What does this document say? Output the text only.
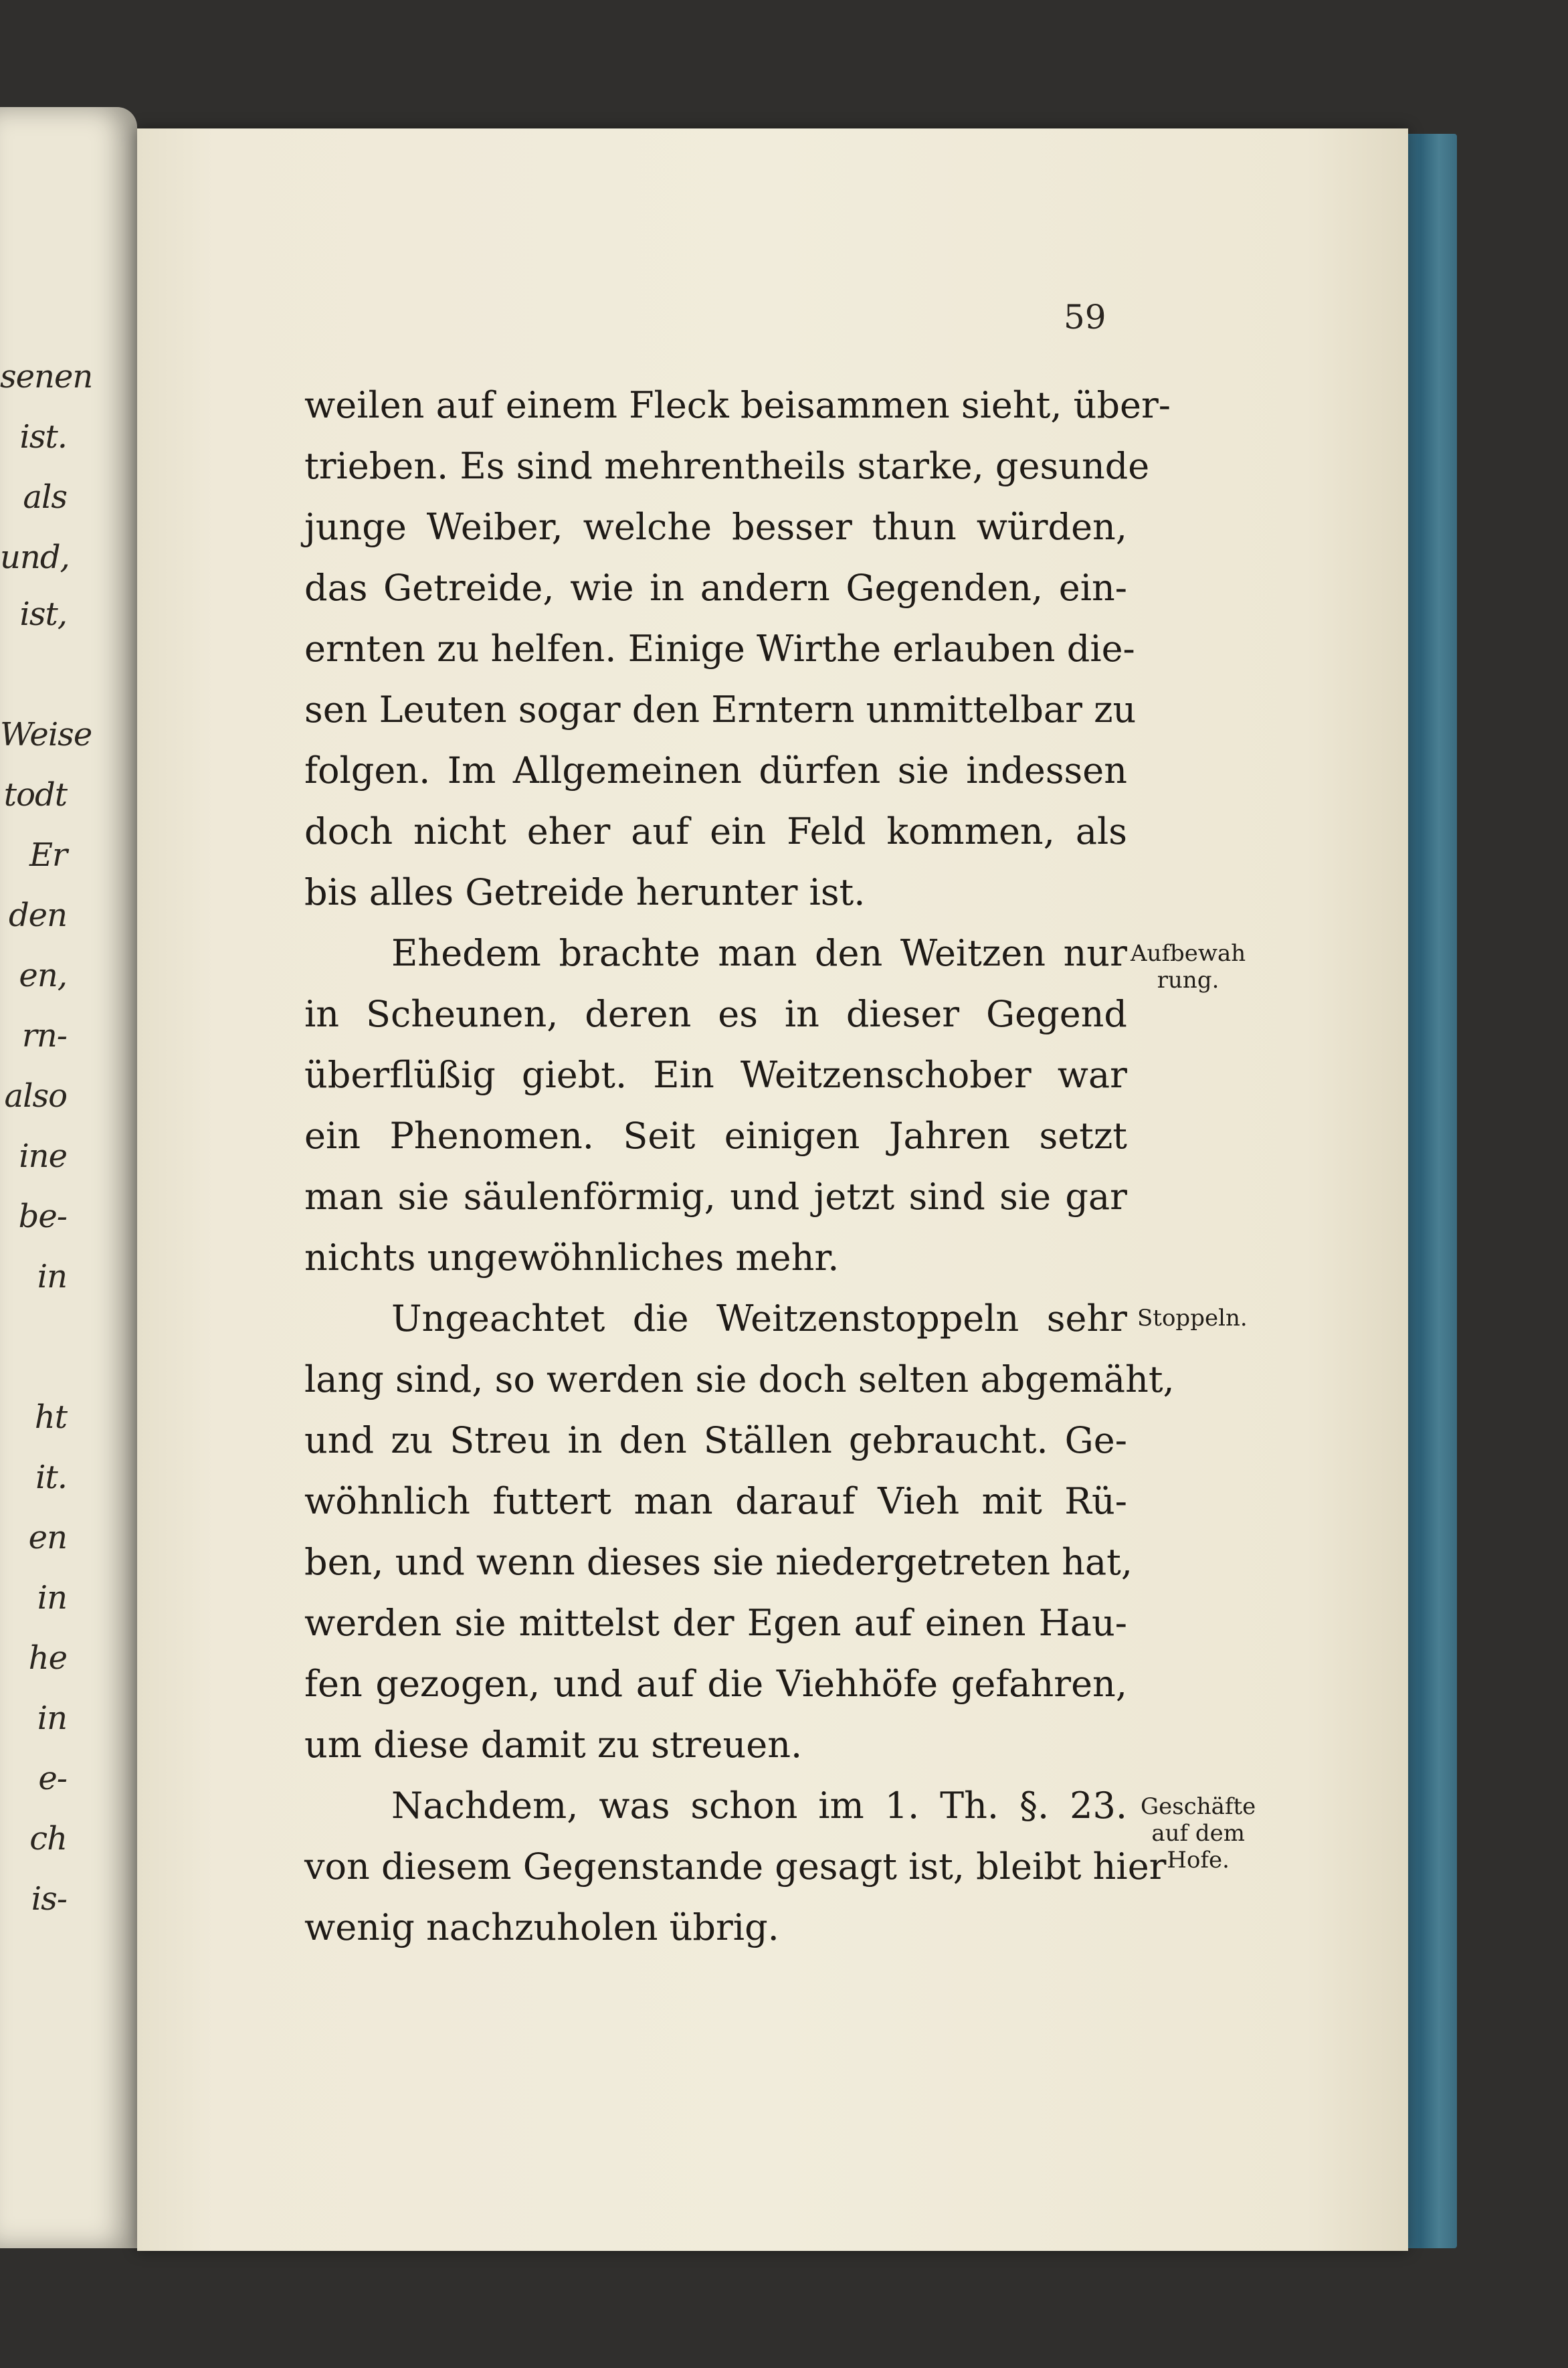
senen
ist.
als
und,
ist,
Weise
todt
Er
den
en,
rn-
also
ine
be-
in
ht
it.
en
in
he
in
e-
ch
is-
59
weilen auf einem Fleck beisammen sieht, über-
trieben. Es sind mehrentheils starke, gesunde
junge Weiber, welche besser thun würden,
das Getreide, wie in andern Gegenden, ein-
ernten zu helfen. Einige Wirthe erlauben die-
sen Leuten sogar den Erntern unmittelbar zu
folgen. Im Allgemeinen dürfen sie indessen
doch nicht eher auf ein Feld kommen, als
bis alles Getreide herunter ist.
Ehedem brachte man den Weitzen nur
in Scheunen, deren es in dieser Gegend
überflüßig giebt. Ein Weitzenschober war
ein Phenomen. Seit einigen Jahren setzt
man sie säulenförmig, und jetzt sind sie gar
nichts ungewöhnliches mehr.
Ungeachtet die Weitzenstoppeln sehr
lang sind, so werden sie doch selten abgemäht,
und zu Streu in den Ställen gebraucht. Ge-
wöhnlich futtert man darauf Vieh mit Rü-
ben, und wenn dieses sie niedergetreten hat,
werden sie mittelst der Egen auf einen Hau-
fen gezogen, und auf die Viehhöfe gefahren,
um diese damit zu streuen.
Nachdem, was schon im 1. Th. §. 23.
von diesem Gegenstande gesagt ist, bleibt hier
wenig nachzuholen übrig.
Aufbewah
rung.
Stoppeln.
Geschäfte
auf dem
Hofe.
